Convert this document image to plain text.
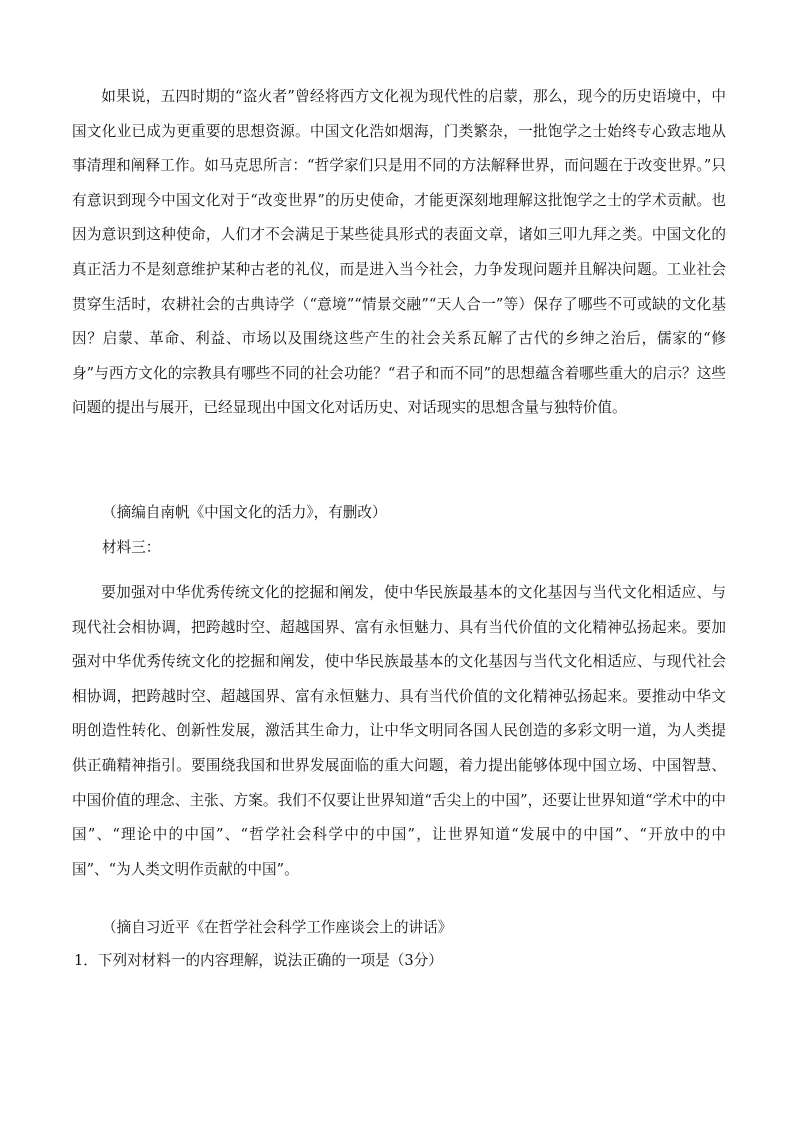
如果说，五四时期的“盗火者”曾经将西方文化视为现代性的启蒙，那么，现今的历史语境中，中国文化业已成为更重要的思想资源。中国文化浩如烟海，门类繁杂，一批饱学之士始终专心致志地从事清理和阐释工作。如马克思所言：“哲学家们只是用不同的方法解释世界，而问题在于改变世界。”只有意识到现今中国文化对于“改变世界”的历史使命，才能更深刻地理解这批饱学之士的学术贡献。也因为意识到这种使命，人们才不会满足于某些徒具形式的表面文章，诸如三叩九拜之类。中国文化的真正活力不是刻意维护某种古老的礼仪，而是进入当今社会，力争发现问题并且解决问题。工业社会贯穿生活时，农耕社会的古典诗学（“意境”“情景交融”“天人合一”等）保存了哪些不可或缺的文化基因？启蒙、革命、利益、市场以及围绕这些产生的社会关系瓦解了古代的乡绅之治后，儒家的“修身”与西方文化的宗教具有哪些不同的社会功能？“君子和而不同”的思想蕴含着哪些重大的启示？这些问题的提出与展开，已经显现出中国文化对话历史、对话现实的思想含量与独特价值。

（摘编自南帆《中国文化的活力》，有删改）

材料三：

要加强对中华优秀传统文化的挖掘和阐发，使中华民族最基本的文化基因与当代文化相适应、与现代社会相协调，把跨越时空、超越国界、富有永恒魅力、具有当代价值的文化精神弘扬起来。要加强对中华优秀传统文化的挖掘和阐发，使中华民族最基本的文化基因与当代文化相适应、与现代社会相协调，把跨越时空、超越国界、富有永恒魅力、具有当代价值的文化精神弘扬起来。要推动中华文明创造性转化、创新性发展，激活其生命力，让中华文明同各国人民创造的多彩文明一道，为人类提供正确精神指引。要围绕我国和世界发展面临的重大问题，着力提出能够体现中国立场、中国智慧、中国价值的理念、主张、方案。我们不仅要让世界知道“舌尖上的中国”，还要让世界知道“学术中的中国”、“理论中的中国”、“哲学社会科学中的中国”，让世界知道“发展中的中国”、“开放中的中国”、“为人类文明作贡献的中国”。

（摘自习近平《在哲学社会科学工作座谈会上的讲话》

1．下列对材料一的内容理解，说法正确的一项是（3分）
